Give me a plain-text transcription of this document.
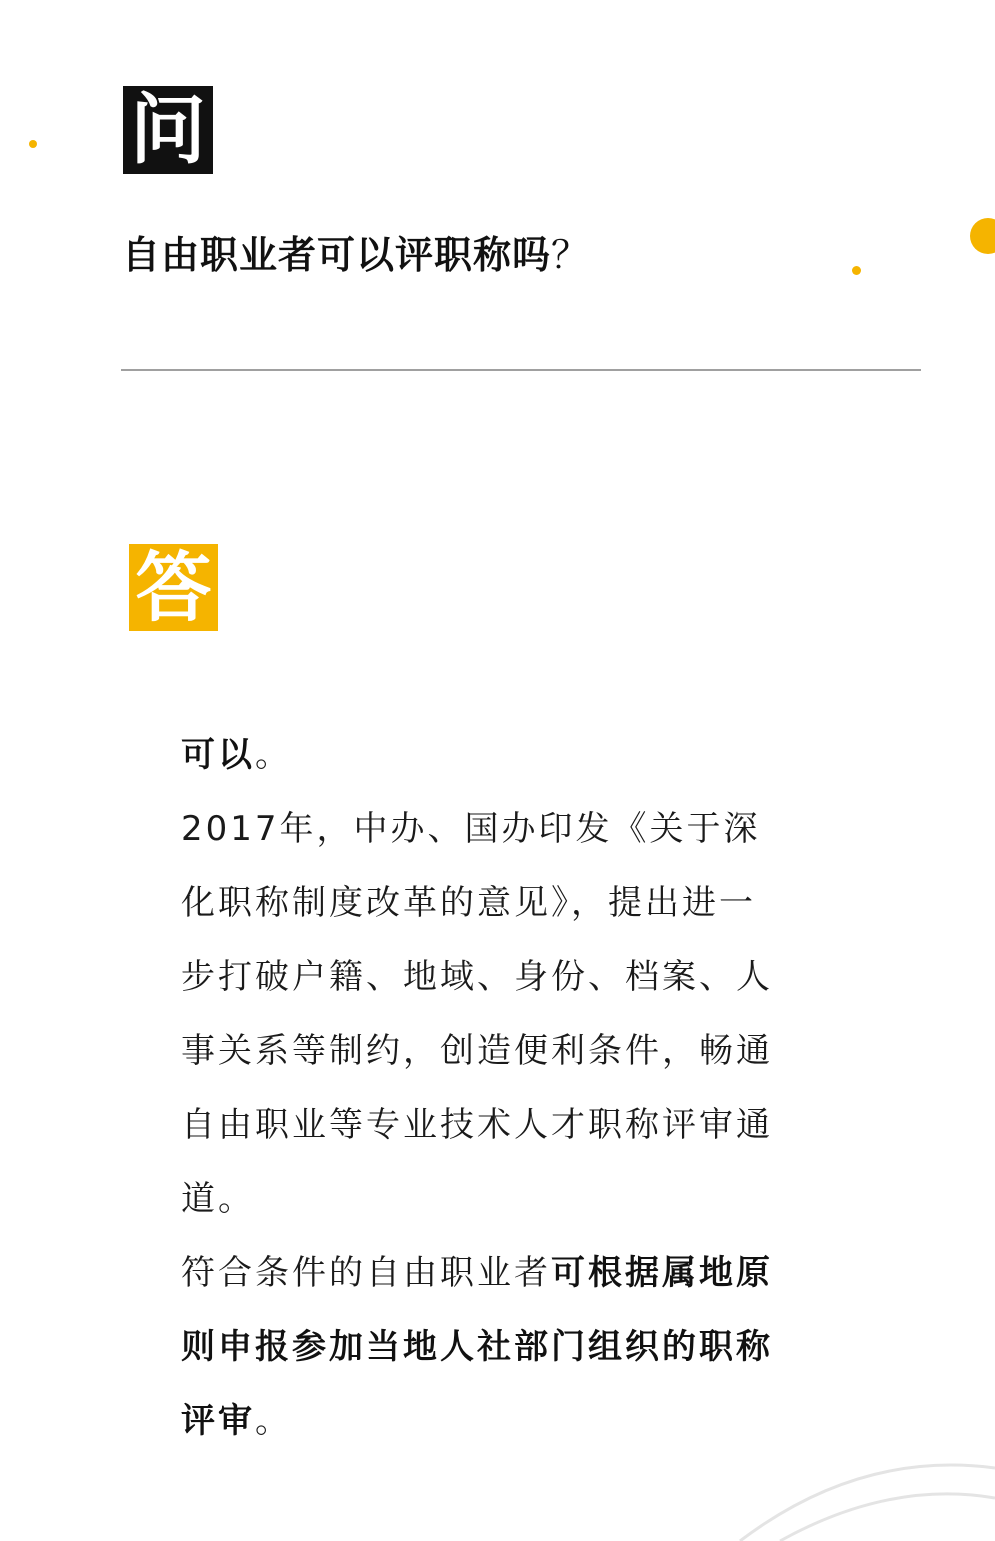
问
自由职业者可以评职称吗？
答

可以。

2017年，中办、国办印发《关于深化职称制度改革的意见》，提出进一步打破户籍、地域、身份、档案、人事关系等制约，创造便利条件，畅通自由职业等专业技术人才职称评审通道。

符合条件的自由职业者可根据属地原则申报参加当地人社部门组织的职称评审。
